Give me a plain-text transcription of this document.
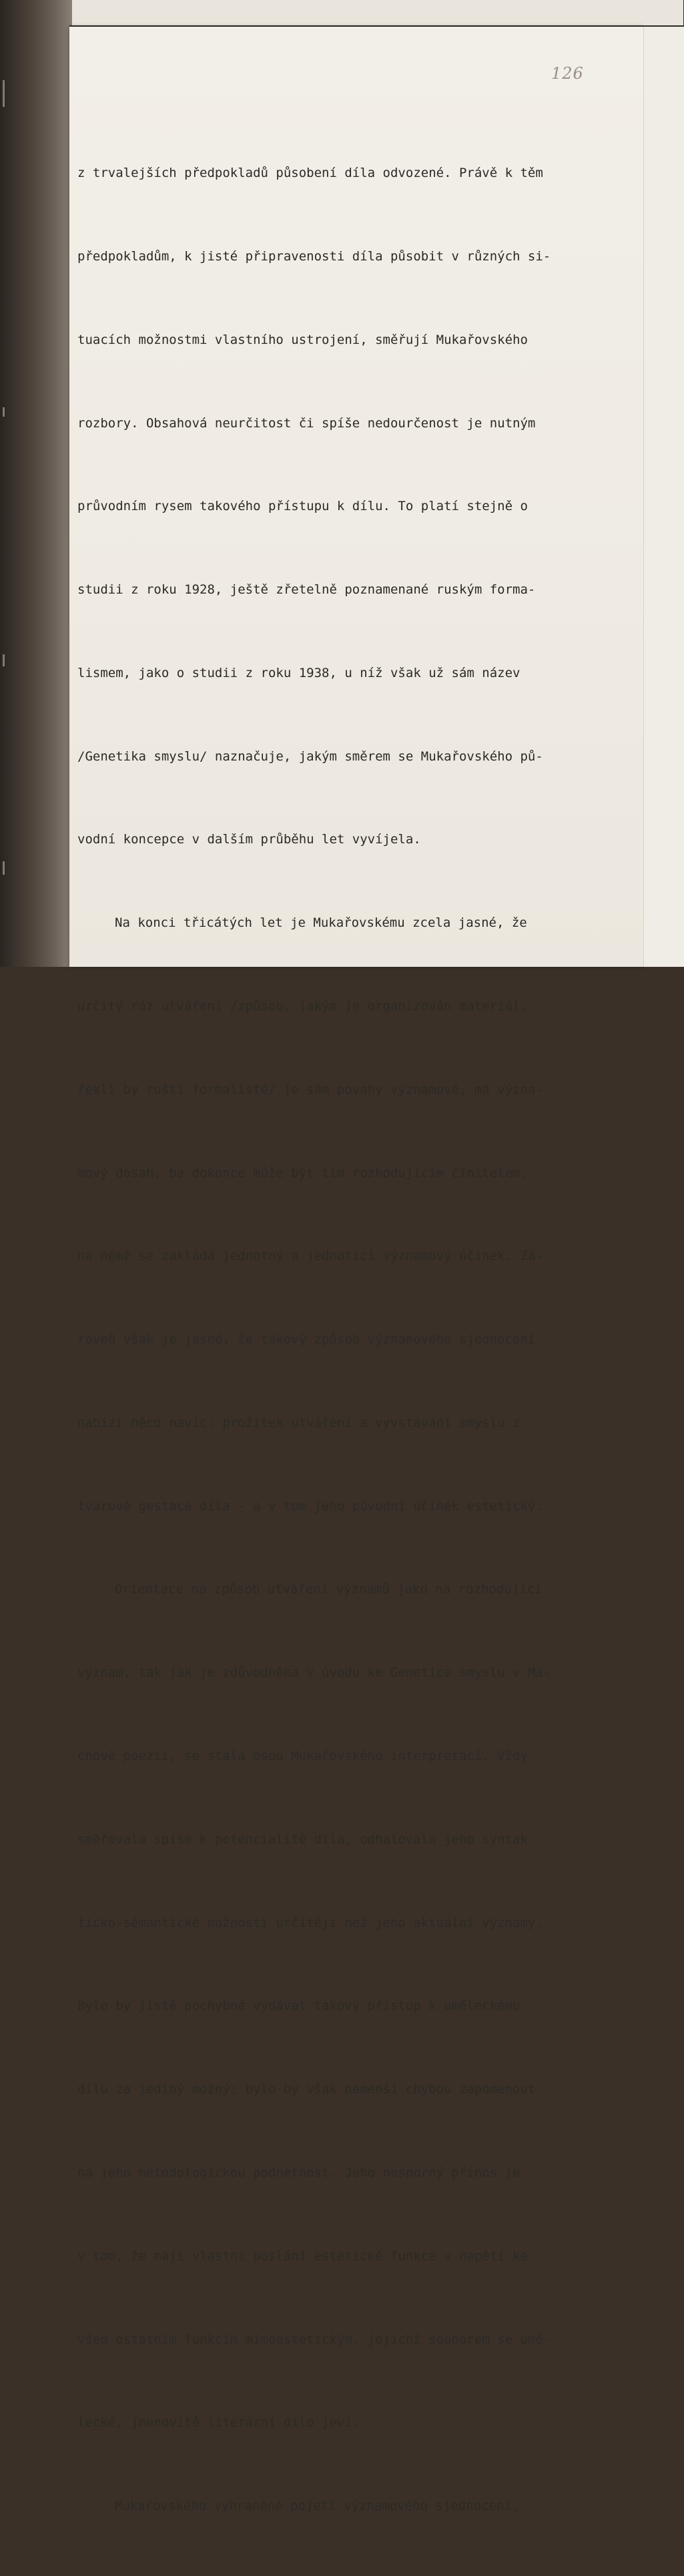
126

z trvalejších předpokladů působení díla odvozené. Právě k těm

předpokladům, k jisté připravenosti díla působit v různých si-

tuacích možnostmi vlastního ustrojení, směřují Mukařovského

rozbory. Obsahová neurčitost či spíše nedourčenost je nutným

průvodním rysem takového přístupu k dílu. To platí stejně o

studii z roku 1928, ještě zřetelně poznamenané ruským forma-

lismem, jako o studii z roku 1938, u níž však už sám název

/Genetika smyslu/ naznačuje, jakým směrem se Mukařovského pů-

vodní koncepce v dalším průběhu let vyvíjela.

Na konci třicátých let je Mukařovskému zcela jasné, že

určitý ráz utváření /způsob, jakým je organizován materiál,

řekli by ruští formalisté/ je sám povahy významové, má význa-

mový dosah, ba dokonce může být tím rozhodujícím činitelem,

na němž se zakládá jednotný a jednotící významový účinek. Zá-

roveň však je jasné, že takový způsob významového sjednocení

nabízí něco navíc: prožitek utváření a vyvstávání smyslu z

tvarové gestace díla - a v tom jeho původní účinek estetický.

Orientace na způsob utváření významů jako na rozhodující

význam, tak jak je zdůvodněna v úvodu ke Genetice smyslu v Má-

chově poezii, se stala osou Mukařovského interpretací. Vždy

směřovala spíše k potencialitě díla, odhalovala jeho syntak-

ticko-sémantické možnosti určitěji než jeho aktuální významy.

Bylo by jistě pochybné vydávat takový přístup k uměleckému

dílu za jediný možný; bylo by však nemenší chybou zapomenout

na jeho metodologickou podnětnost. Jeho nesporný přínos je

v tom, že mají vlastní poslání estetické funkce v napětí ke

všem ostatním funkcím mimoestetickým, jejichž souborem se umě-

lecké, jmenovitě literární dílo jeví.

Mukařovského vyhraněné pojetí významového sjednocení,
